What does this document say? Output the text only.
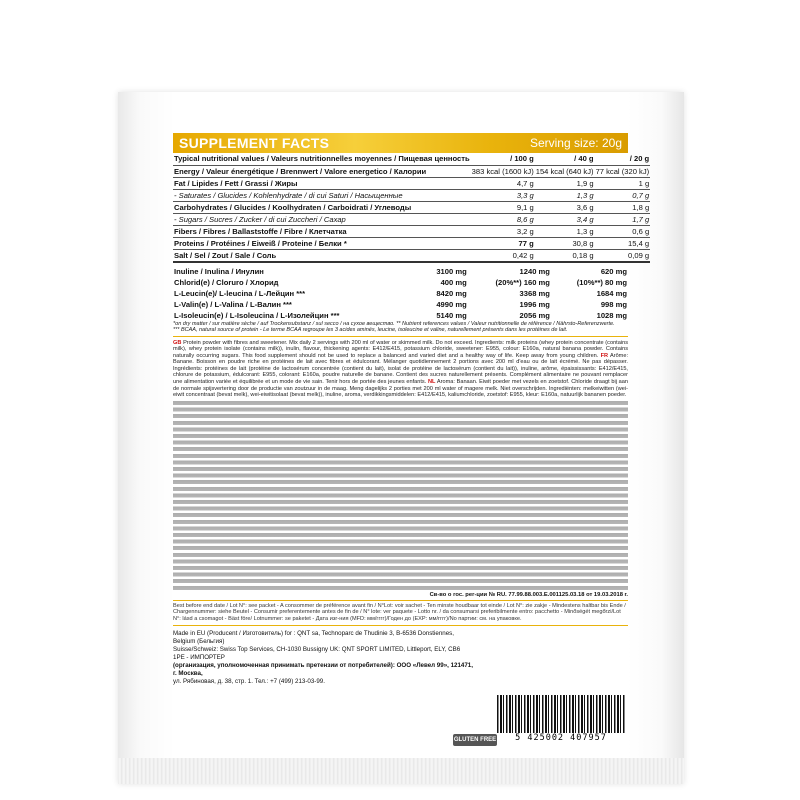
SUPPLEMENT FACTS	Serving size: 20g
Typical nutritional values / Valeurs nutritionnelles moyennes / Пищевая ценность	/ 100 g	/ 40 g	/ 20 g
Energy / Valeur énergétique / Brennwert / Valore energetico / Калории	383 kcal (1600 kJ)	154 kcal (640 kJ)	77 kcal (320 kJ)
Fat / Lipides / Fett / Grassi / Жиры	4,7 g	1,9 g	1 g
- Saturates / Glucides / Kohlenhydrate / di cui Saturi / Насыщенные	3,3 g	1,3 g	0,7 g
Carbohydrates / Glucides / Koolhydraten / Carboidrati / Углеводы	9,1 g	3,6 g	1,8 g
- Sugars / Sucres / Zucker / di cui Zuccheri / Сахар	8,6 g	3,4 g	1,7 g
Fibers / Fibres / Ballaststoffe / Fibre / Клетчатка	3,2 g	1,3 g	0,6 g
Proteins / Protéines / Eiweiß / Proteine / Белки *	77 g	30,8 g	15,4 g
Salt / Sel / Zout / Sale / Соль	0,42 g	0,18 g	0,09 g
Inuline / Inulina / Инулин	3100 mg	1240 mg	620 mg
Chlorid(e) / Cloruro / Хлорид	400 mg	(20%**) 160 mg	(10%**) 80 mg
L-Leucin(e)/ L-leucina / L-Лейцин ***	8420 mg	3368 mg	1684 mg
L-Valin(e) / L-Valina / L-Валин ***	4990 mg	1996 mg	998 mg
L-Isoleucin(e) / L-Isoleucina / L-Изолейцин ***	5140 mg	2056 mg	1028 mg
*on dry matter / sur matière sèche / auf Trockensubstanz / sul secco / на сухое вещество. ** Nutrient references values / Valeur nutritionnelle de référence / Nährsto-Referenzwerte.
*** BCAA, natural source of protein - Le terme BCAA regroupe les 3 acides aminés, leucine, isoleucine et valine, naturellement présents dans les protéines de lait.
GB Protein powder with fibres and sweetener. Mix daily 2 servings with 200 ml of water or skimmed milk. Do not exceed. Ingredients: milk proteins (whey protein concentrate (contains milk), whey protein isolate (contains milk)), inulin, flavour, thickening agents: E412/E415, potassium chloride, sweetener: E955, colour: E160a, natural banana powder. Contains naturally occurring sugars. This food supplement should not be used to replace a balanced and varied diet and a healthy way of life. Keep away from young children. FR Arôme: Banane. Boisson en poudre riche en protéines de lait avec fibres et édulcorant. Mélanger quotidiennement 2 portions avec 200 ml d'eau ou de lait écrémé. Ne pas dépasser. Ingrédients: protéines de lait (protéine de lactosérum concentrée (contient du lait), isolat de protéine de lactosérum (contient du lait)), inuline, arôme, épaississants: E412/E415, chlorure de potassium, édulcorant: E955, colorant: E160a, poudre naturelle de banane. Contient des sucres naturellement présents. Complément alimentaire ne pouvant remplacer une alimentation variée et équilibrée et un mode de vie sain. Tenir hors de portée des jeunes enfants. NL Aroma: Banaan. Eiwit poeder met vezels en zoetstof. Chloride draagt bij aan de normale spijsvertering door de productie van zoutzuur in de maag. Meng dagelijks 2 porties met 200 ml water of magere melk. Niet overschrijden. Ingrediënten: melkeiwitten (wei-eiwit concentraat (bevat melk), wei-eiwitisolaat (bevat melk)), inuline, aroma, verdikkingsmiddelen: E412/E415, kaliumchloride, zoetstof: E955, kleur: E160a, natuurlijk bananen poeder.
Св-во о гос. рег-ции № RU. 77.99.88.003.E.001125.03.18 от 19.03.2018 г.
Best before end date / Lot N°: see packet - A consommer de préférence avant fin / N°Lot: voir sachet - Ten minste houdbaar tot einde / Lot N°: zie zakje - Mindestens haltbar bis Ende / Chargennummer: siehe Beutel - Consumir preferentemente antes de fin de / N° lote: ver paquete - Lotto nr. / da consumarsi preferibilmente entro: pacchetto - Minőségét megőrzi/Lot N°: lásd a csomagot - Bäst före/ Lotnummer: se paketet - Дата изг-ния (MFD: мм/гггг)/Годен до (EXP: мм/гггг)/No партии: см. на упаковке.
Made in EU (Producent / Изготовитель) for : QNT sa, Technoparc de Thudinie 3, B-6536 Donstiennes, Belgium (Бельгия)
Suisse/Schweiz: Swiss Top Services, CH-1030 Bussigny UK: QNT SPORT LIMITED, Littleport, ELY, CB6 1PE - ИМПОРТЕР
(организация, уполномоченная принимать претензии от потребителей): ООО «Левел 99», 121471, г. Москва,
ул. Рябиновая, д. 38, стр. 1. Тел.: +7 (499) 213-03-99.
GLUTEN FREE	5 425002 407957
